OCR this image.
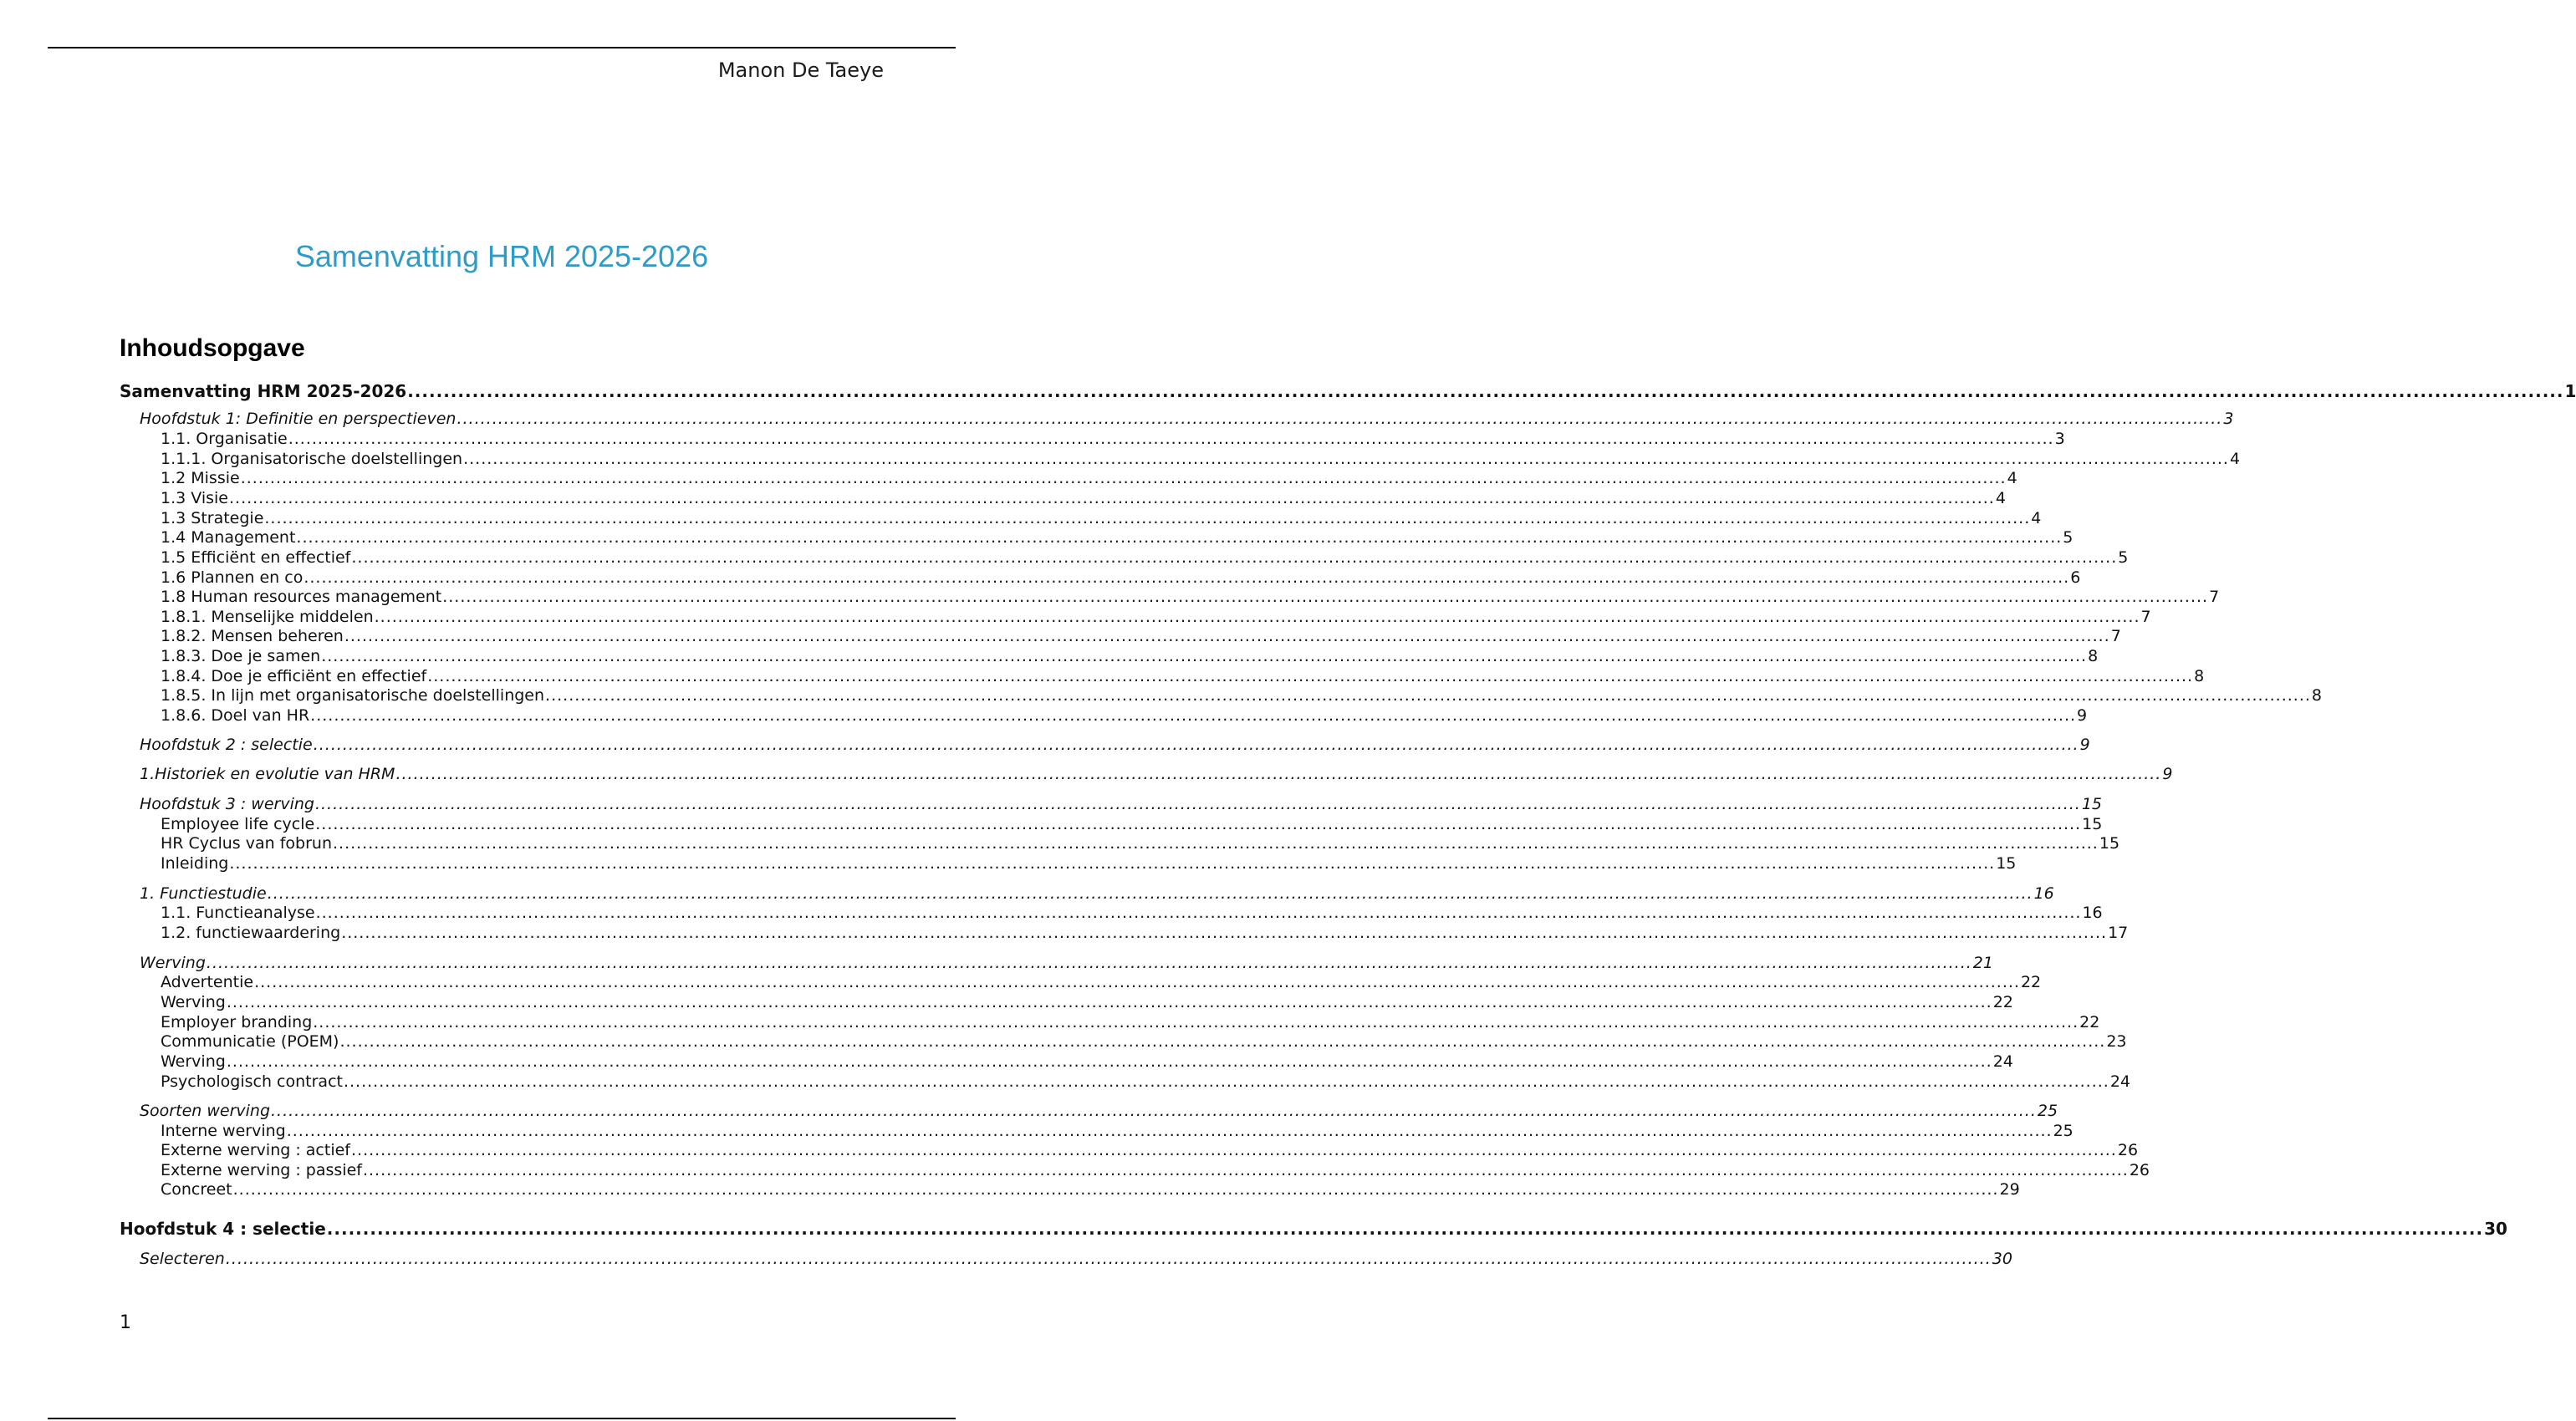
Manon De Taeye
Samenvatting HRM 2025-2026
Inhoudsopgave
Samenvatting HRM 2025-2026 ............................................................................................................................................................................................................................................................................................................ 1
Hoofdstuk 1: Definitie en perspectieven ............................................................................................................................................................................................................................................................................................................ 3
1.1. Organisatie ............................................................................................................................................................................................................................................................................................................ 3
1.1.1. Organisatorische doelstellingen ............................................................................................................................................................................................................................................................................................................ 4
1.2 Missie ............................................................................................................................................................................................................................................................................................................ 4
1.3 Visie ............................................................................................................................................................................................................................................................................................................ 4
1.3 Strategie ............................................................................................................................................................................................................................................................................................................ 4
1.4 Management ............................................................................................................................................................................................................................................................................................................ 5
1.5 Efficiënt en effectief ............................................................................................................................................................................................................................................................................................................ 5
1.6 Plannen en co ............................................................................................................................................................................................................................................................................................................ 6
1.8 Human resources management ............................................................................................................................................................................................................................................................................................................ 7
1.8.1. Menselijke middelen ............................................................................................................................................................................................................................................................................................................ 7
1.8.2. Mensen beheren ............................................................................................................................................................................................................................................................................................................ 7
1.8.3. Doe je samen ............................................................................................................................................................................................................................................................................................................ 8
1.8.4. Doe je efficiënt en effectief ............................................................................................................................................................................................................................................................................................................ 8
1.8.5. In lijn met organisatorische doelstellingen ............................................................................................................................................................................................................................................................................................................ 8
1.8.6. Doel van HR ............................................................................................................................................................................................................................................................................................................ 9
Hoofdstuk 2 : selectie ............................................................................................................................................................................................................................................................................................................ 9
1.Historiek en evolutie van HRM ............................................................................................................................................................................................................................................................................................................ 9
Hoofdstuk 3 : werving ............................................................................................................................................................................................................................................................................................................ 15
Employee life cycle ............................................................................................................................................................................................................................................................................................................ 15
HR Cyclus van fobrun ............................................................................................................................................................................................................................................................................................................ 15
Inleiding ............................................................................................................................................................................................................................................................................................................ 15
1. Functiestudie ............................................................................................................................................................................................................................................................................................................ 16
1.1. Functieanalyse ............................................................................................................................................................................................................................................................................................................ 16
1.2. functiewaardering ............................................................................................................................................................................................................................................................................................................ 17
Werving ............................................................................................................................................................................................................................................................................................................ 21
Advertentie ............................................................................................................................................................................................................................................................................................................ 22
Werving ............................................................................................................................................................................................................................................................................................................ 22
Employer branding ............................................................................................................................................................................................................................................................................................................ 22
Communicatie (POEM) ............................................................................................................................................................................................................................................................................................................ 23
Werving ............................................................................................................................................................................................................................................................................................................ 24
Psychologisch contract ............................................................................................................................................................................................................................................................................................................ 24
Soorten werving ............................................................................................................................................................................................................................................................................................................ 25
Interne werving ............................................................................................................................................................................................................................................................................................................ 25
Externe werving : actief ............................................................................................................................................................................................................................................................................................................ 26
Externe werving : passief ............................................................................................................................................................................................................................................................................................................ 26
Concreet ............................................................................................................................................................................................................................................................................................................ 29
Hoofdstuk 4 : selectie ............................................................................................................................................................................................................................................................................................................ 30
Selecteren ............................................................................................................................................................................................................................................................................................................ 30
1
